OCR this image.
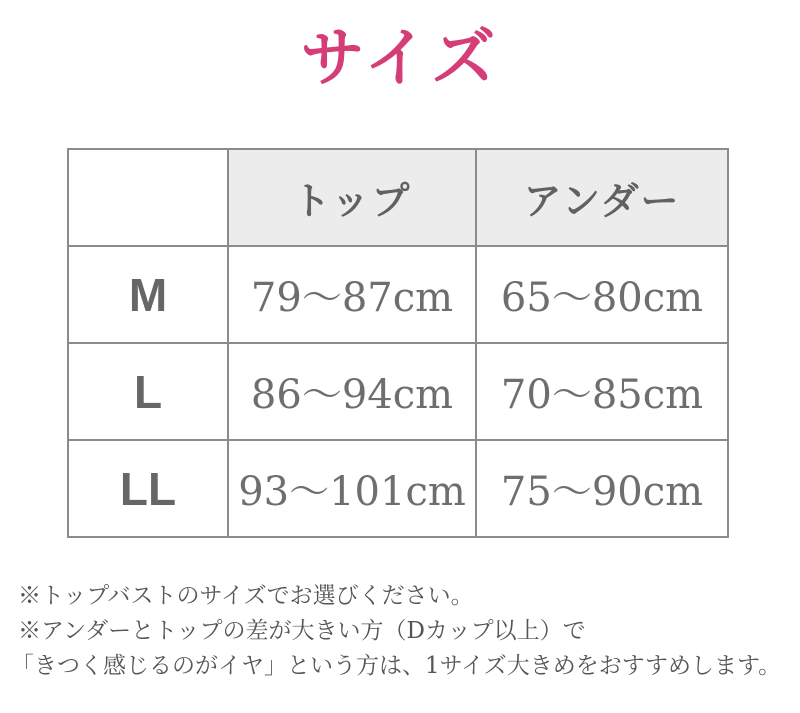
サイズ
	トップ	アンダー
M	79〜87cm	65〜80cm
L	86〜94cm	70〜85cm
LL	93〜101cm	75〜90cm
※トップバストのサイズでお選びください。
※アンダーとトップの差が大きい方（Dカップ以上）で
「きつく感じるのがイヤ」という方は、1サイズ大きめをおすすめします。
